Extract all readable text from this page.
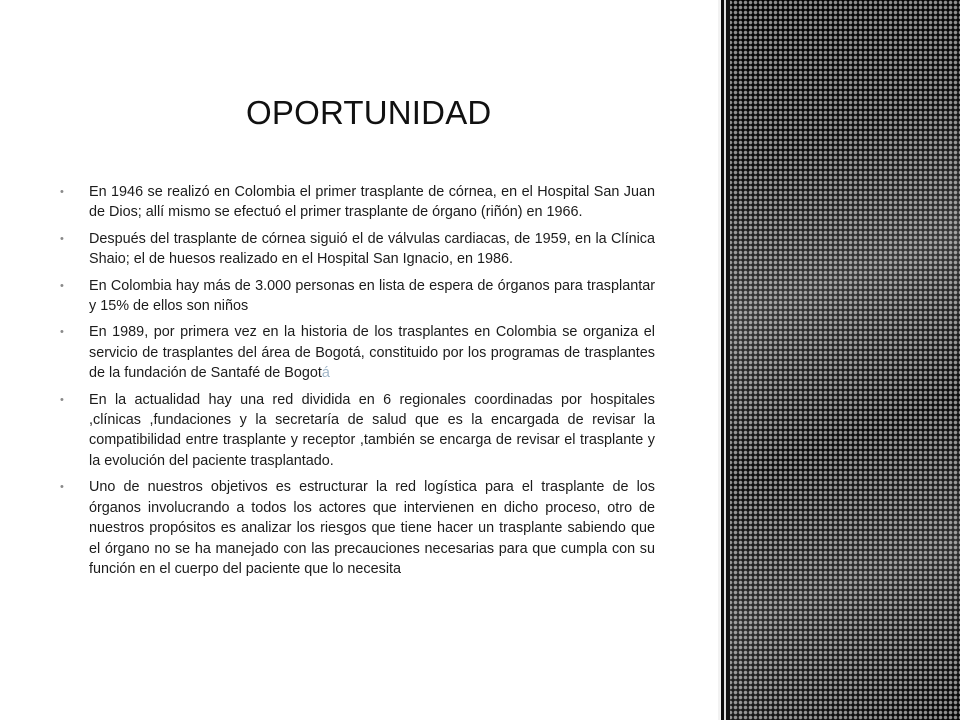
OPORTUNIDAD
• En 1946 se realizó en Colombia el primer trasplante de córnea, en el Hospital San Juan de Dios; allí mismo se efectuó el primer trasplante de órgano (riñón) en 1966.
• Después del trasplante de córnea siguió el de válvulas cardiacas, de 1959, en la Clínica Shaio; el de huesos realizado en el Hospital San Ignacio, en 1986.
• En Colombia hay más de 3.000 personas en lista de espera de órganos para trasplantar y 15% de ellos son niños
• En 1989, por primera vez en la historia de los trasplantes en Colombia se organiza el servicio de trasplantes del área de Bogotá, constituido por los programas de trasplantes de la fundación de Santafé de Bogotá
• En la actualidad hay una red dividida en 6 regionales coordinadas por hospitales ,clínicas ,fundaciones y la secretaría de salud que es la encargada de revisar la compatibilidad entre trasplante y receptor ,también se encarga de revisar el trasplante y la evolución del paciente trasplantado.
• Uno de nuestros objetivos es estructurar la red logística para el trasplante de los órganos involucrando a todos los actores que intervienen en dicho proceso, otro de nuestros propósitos es analizar los riesgos que tiene hacer un trasplante sabiendo que el órgano no se ha manejado con las precauciones necesarias para que cumpla con su función en el cuerpo del paciente que lo necesita
